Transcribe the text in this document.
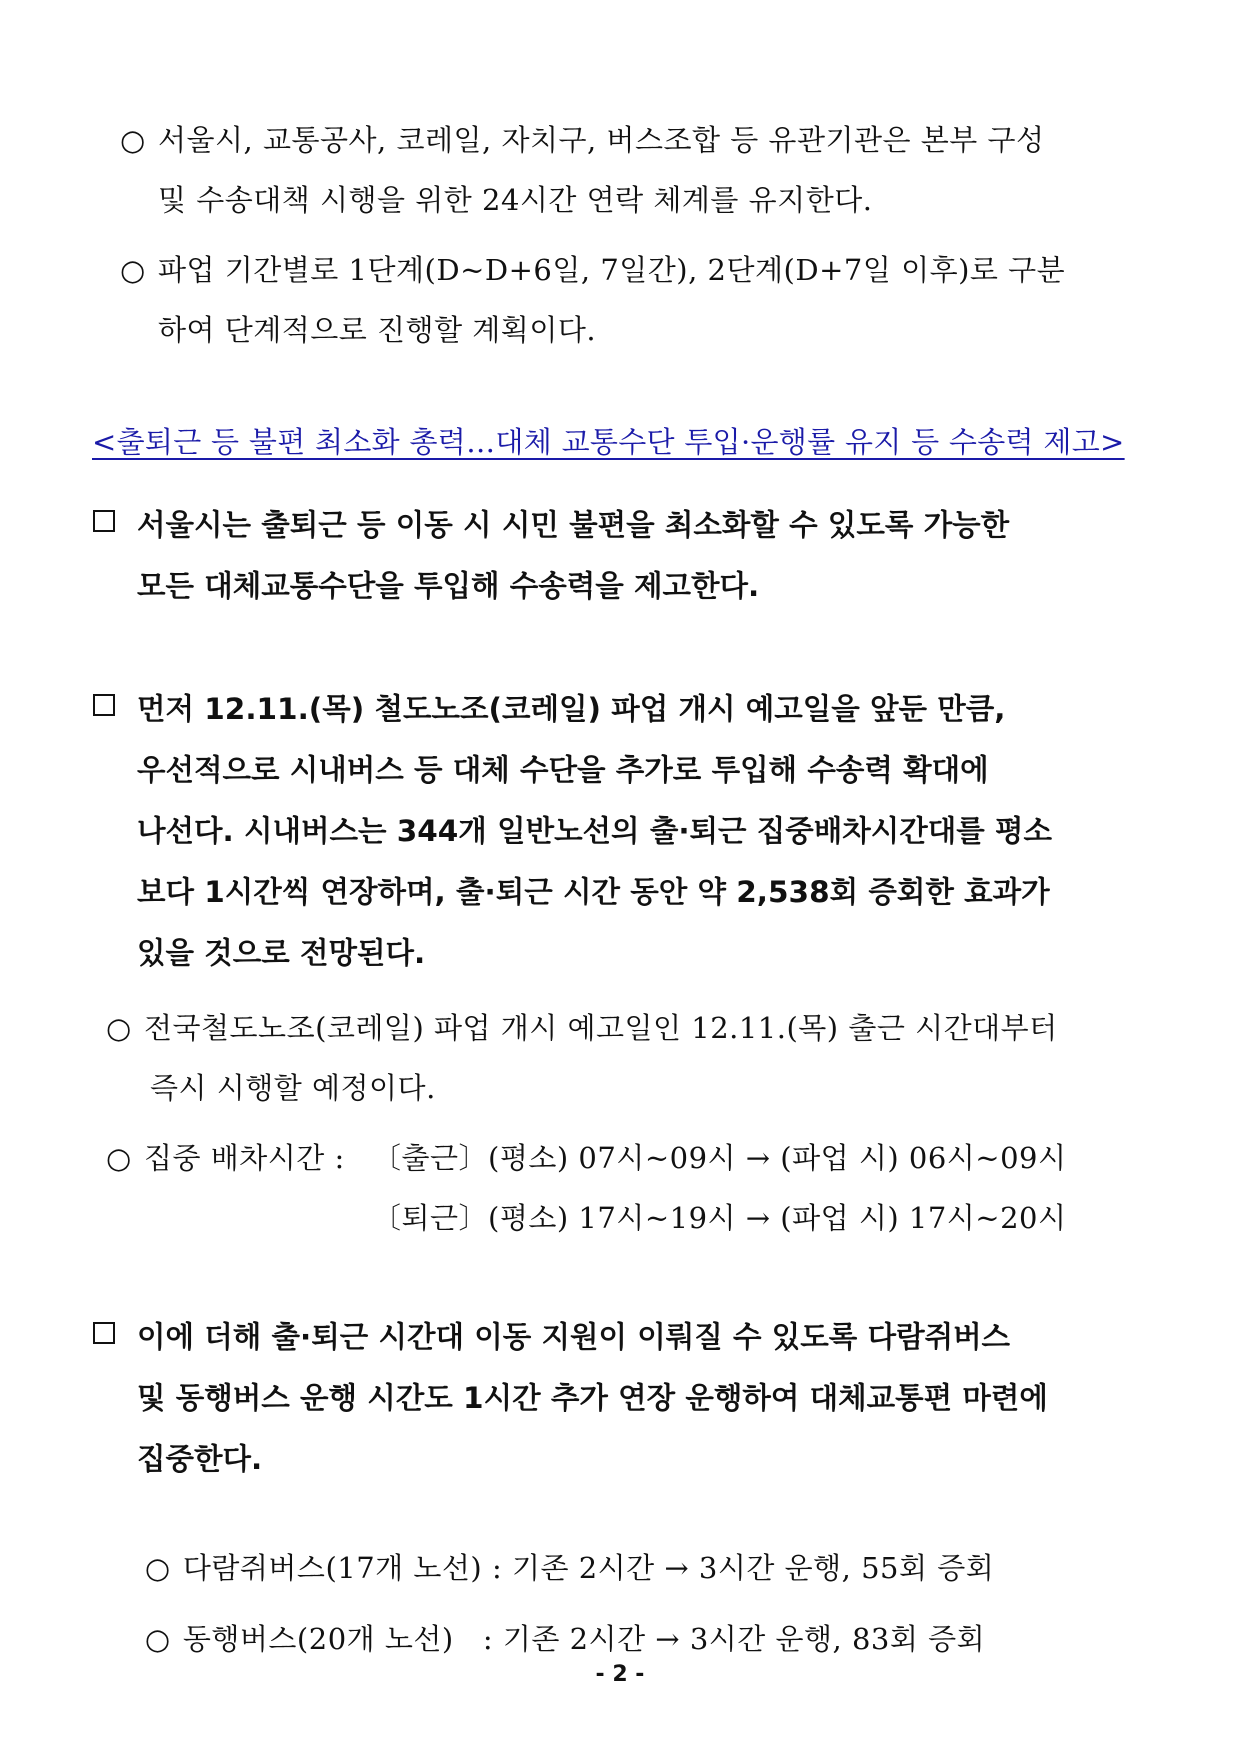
○ 서울시, 교통공사, 코레일, 자치구, 버스조합 등 유관기관은 본부 구성
및 수송대책 시행을 위한 24시간 연락 체계를 유지한다.
○ 파업 기간별로 1단계(D~D+6일, 7일간), 2단계(D+7일 이후)로 구분
하여 단계적으로 진행할 계획이다.
<출퇴근 등 불편 최소화 총력…대체 교통수단 투입·운행률 유지 등 수송력 제고>
서울시는 출퇴근 등 이동 시 시민 불편을 최소화할 수 있도록 가능한
모든 대체교통수단을 투입해 수송력을 제고한다.
먼저 12.11.(목) 철도노조(코레일) 파업 개시 예고일을 앞둔 만큼,
우선적으로 시내버스 등 대체 수단을 추가로 투입해 수송력 확대에
나선다. 시내버스는 344개 일반노선의 출·퇴근 집중배차시간대를 평소
보다 1시간씩 연장하며, 출·퇴근 시간 동안 약 2,538회 증회한 효과가
있을 것으로 전망된다.
○ 전국철도노조(코레일) 파업 개시 예고일인 12.11.(목) 출근 시간대부터
즉시 시행할 예정이다.
○ 집중 배차시간 : 〔출근〕(평소) 07시~09시 → (파업 시) 06시~09시
〔퇴근〕(평소) 17시~19시 → (파업 시) 17시~20시
이에 더해 출·퇴근 시간대 이동 지원이 이뤄질 수 있도록 다람쥐버스
및 동행버스 운행 시간도 1시간 추가 연장 운행하여 대체교통편 마련에
집중한다.

○ 다람쥐버스(17개 노선) : 기존 2시간 → 3시간 운행, 55회 증회

○ 동행버스(20개 노선)   : 기존 2시간 → 3시간 운행, 83회 증회

- 2 -
